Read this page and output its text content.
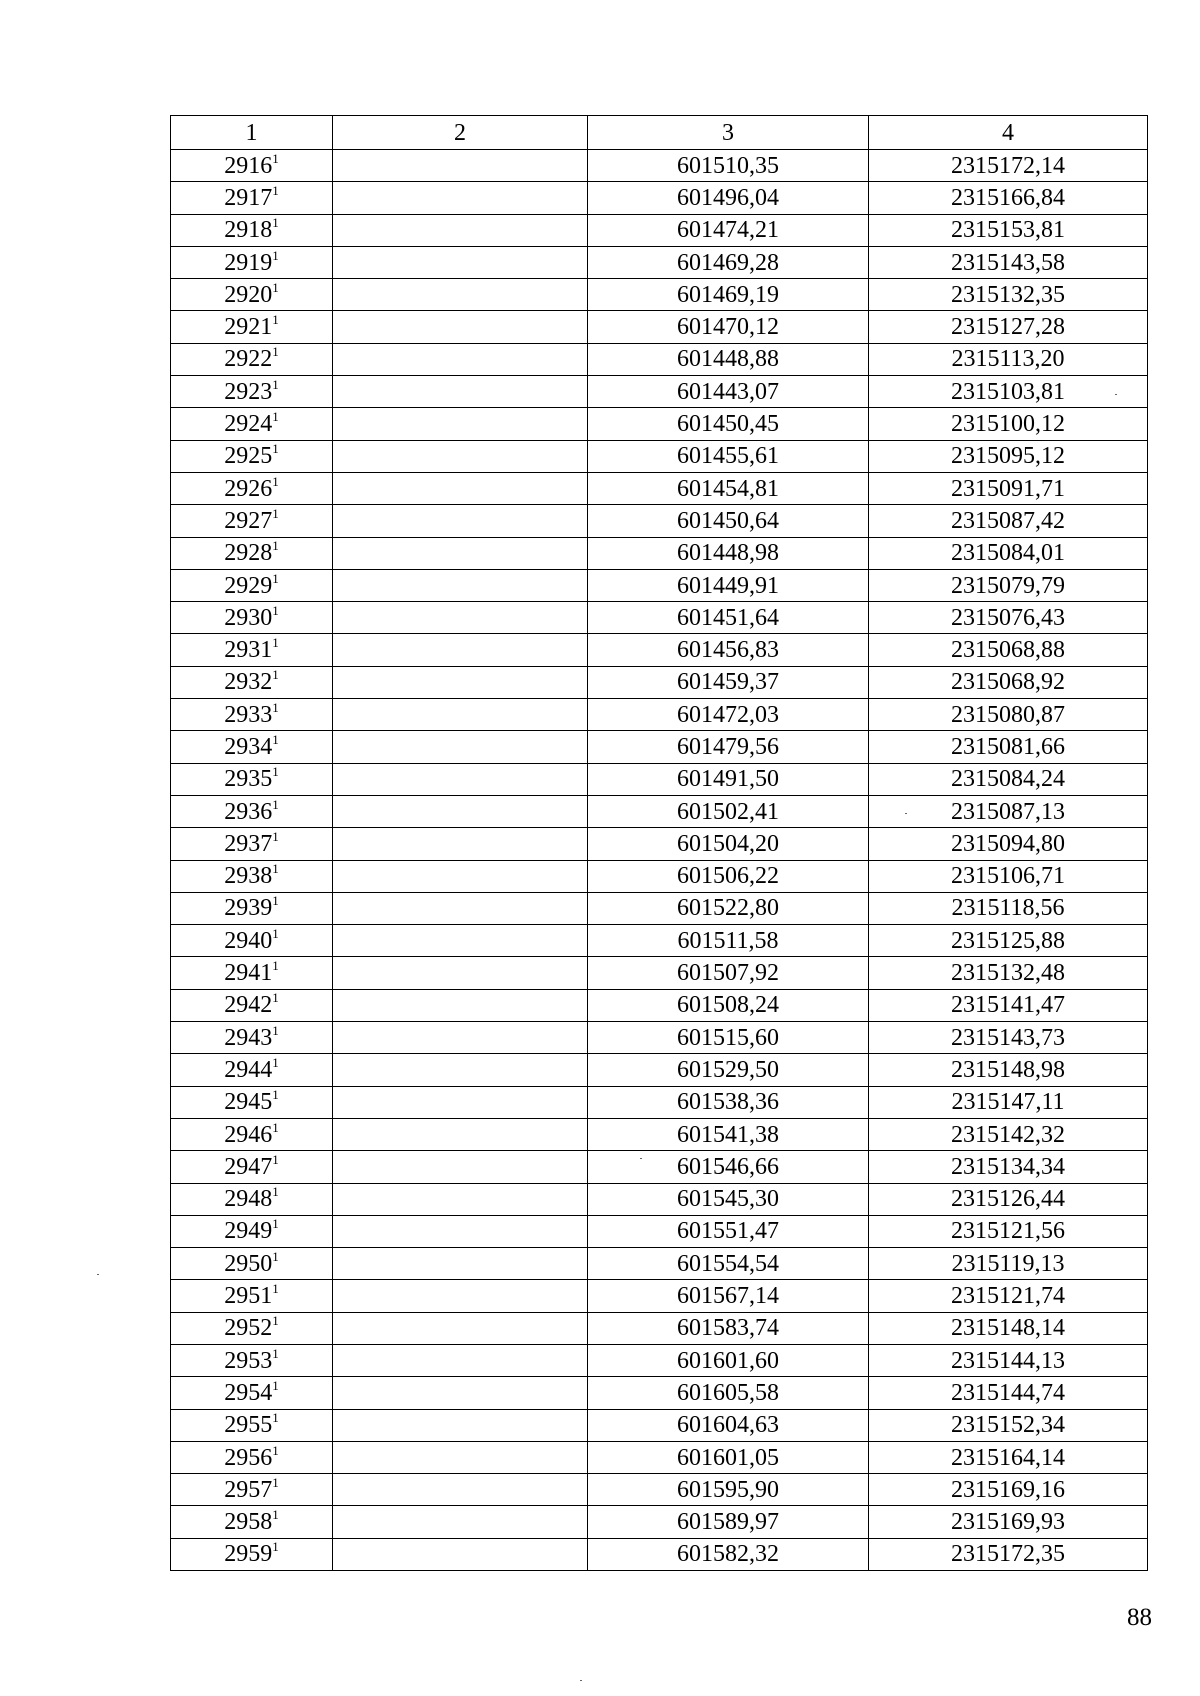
1	2	3	4
2916$^1$		601510,35	2315172,14
2917$^1$		601496,04	2315166,84
2918$^1$		601474,21	2315153,81
2919$^1$		601469,28	2315143,58
2920$^1$		601469,19	2315132,35
2921$^1$		601470,12	2315127,28
2922$^1$		601448,88	2315113,20
2923$^1$		601443,07	2315103,81
2924$^1$		601450,45	2315100,12
2925$^1$		601455,61	2315095,12
2926$^1$		601454,81	2315091,71
2927$^1$		601450,64	2315087,42
2928$^1$		601448,98	2315084,01
2929$^1$		601449,91	2315079,79
2930$^1$		601451,64	2315076,43
2931$^1$		601456,83	2315068,88
2932$^1$		601459,37	2315068,92
2933$^1$		601472,03	2315080,87
2934$^1$		601479,56	2315081,66
2935$^1$		601491,50	2315084,24
2936$^1$		601502,41	2315087,13
2937$^1$		601504,20	2315094,80
2938$^1$		601506,22	2315106,71
2939$^1$		601522,80	2315118,56
2940$^1$		601511,58	2315125,88
2941$^1$		601507,92	2315132,48
2942$^1$		601508,24	2315141,47
2943$^1$		601515,60	2315143,73
2944$^1$		601529,50	2315148,98
2945$^1$		601538,36	2315147,11
2946$^1$		601541,38	2315142,32
2947$^1$		601546,66	2315134,34
2948$^1$		601545,30	2315126,44
2949$^1$		601551,47	2315121,56
2950$^1$		601554,54	2315119,13
2951$^1$		601567,14	2315121,74
2952$^1$		601583,74	2315148,14
2953$^1$		601601,60	2315144,13
2954$^1$		601605,58	2315144,74
2955$^1$		601604,63	2315152,34
2956$^1$		601601,05	2315164,14
2957$^1$		601595,90	2315169,16
2958$^1$		601589,97	2315169,93
2959$^1$		601582,32	2315172,35
88
